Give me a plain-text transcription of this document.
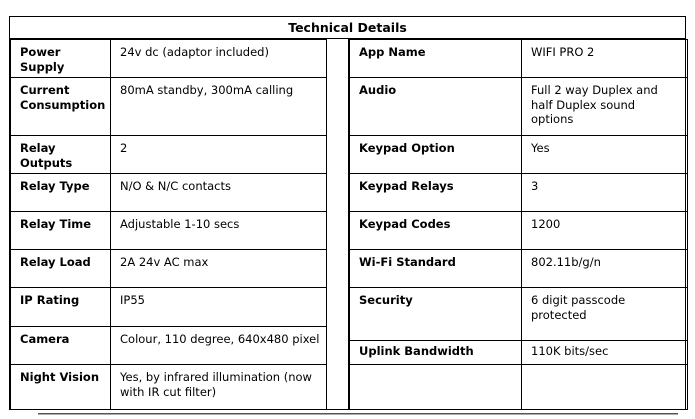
Technical Details
Power Supply	24v dc (adaptor included)
Current Consumption	80mA standby, 300mA calling
Relay Outputs	2
Relay Type	N/O & N/C contacts
Relay Time	Adjustable 1-10 secs
Relay Load	2A 24v AC max
IP Rating	IP55
Camera	Colour, 110 degree, 640x480 pixel
Night Vision	Yes, by infrared illumination (now with IR cut filter)
App Name	WIFI PRO 2
Audio	Full 2 way Duplex and half Duplex sound options
Keypad Option	Yes
Keypad Relays	3
Keypad Codes	1200
Wi-Fi Standard	802.11b/g/n
Security	6 digit passcode protected
Uplink Bandwidth	110K bits/sec
